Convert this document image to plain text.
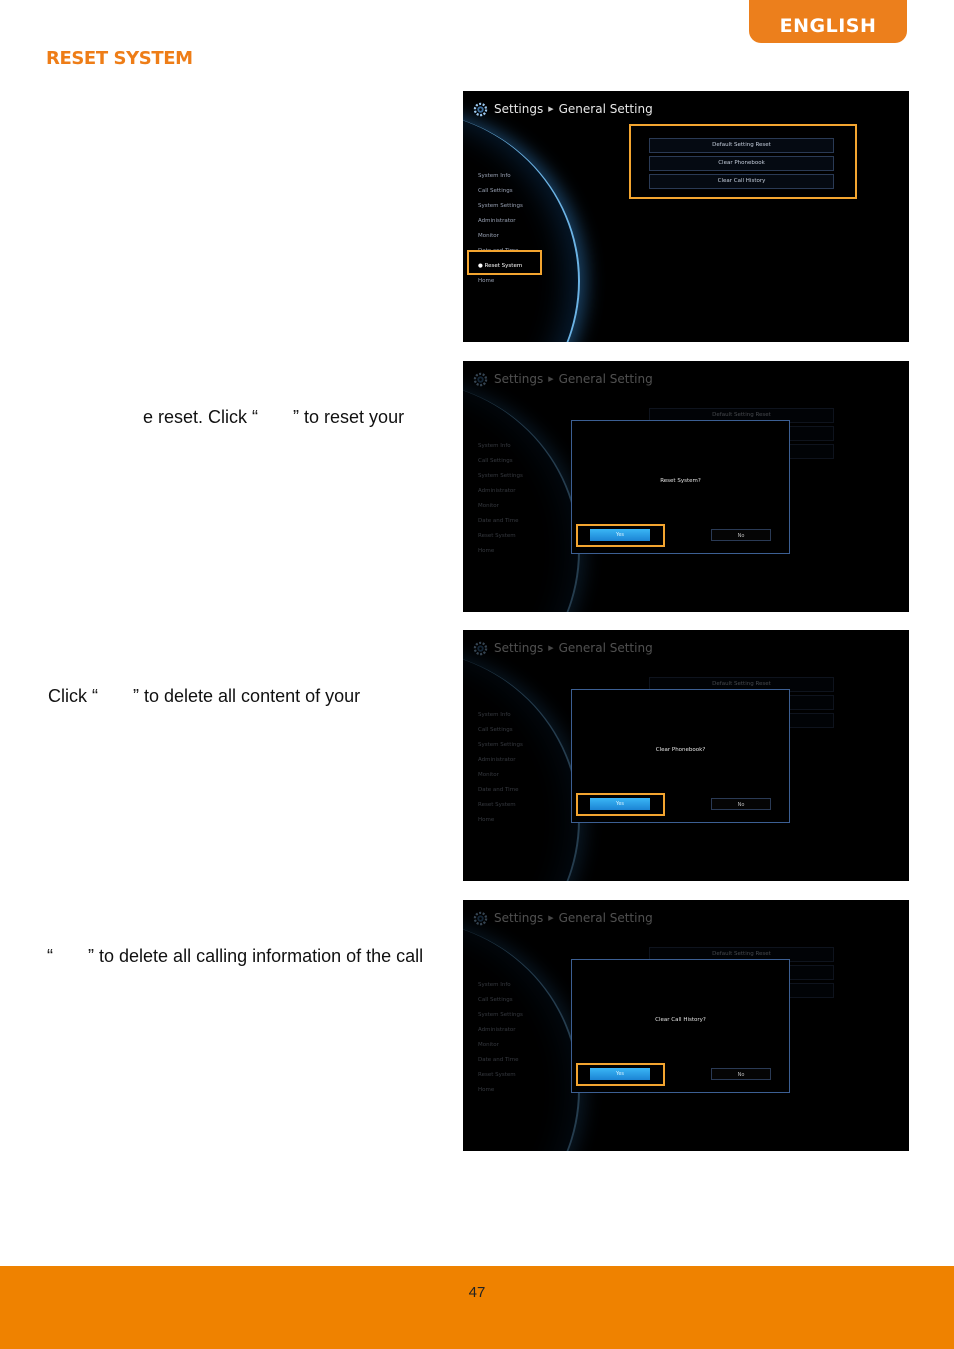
ENGLISH
RESET SYSTEM
e reset. Click “       ” to reset your
Click “       ” to delete all content of your
“       ” to delete all calling information of the call
Settings ▶ General Setting
System Info
Call Settings
System Settings
Administrator
Monitor
Date and Time
● Reset System
Home
Default Setting Reset
Clear Phonebook
Clear Call History
Reset System?
Yes	No
Clear Phonebook?
Yes	No
Clear Call History?
Yes	No
47
